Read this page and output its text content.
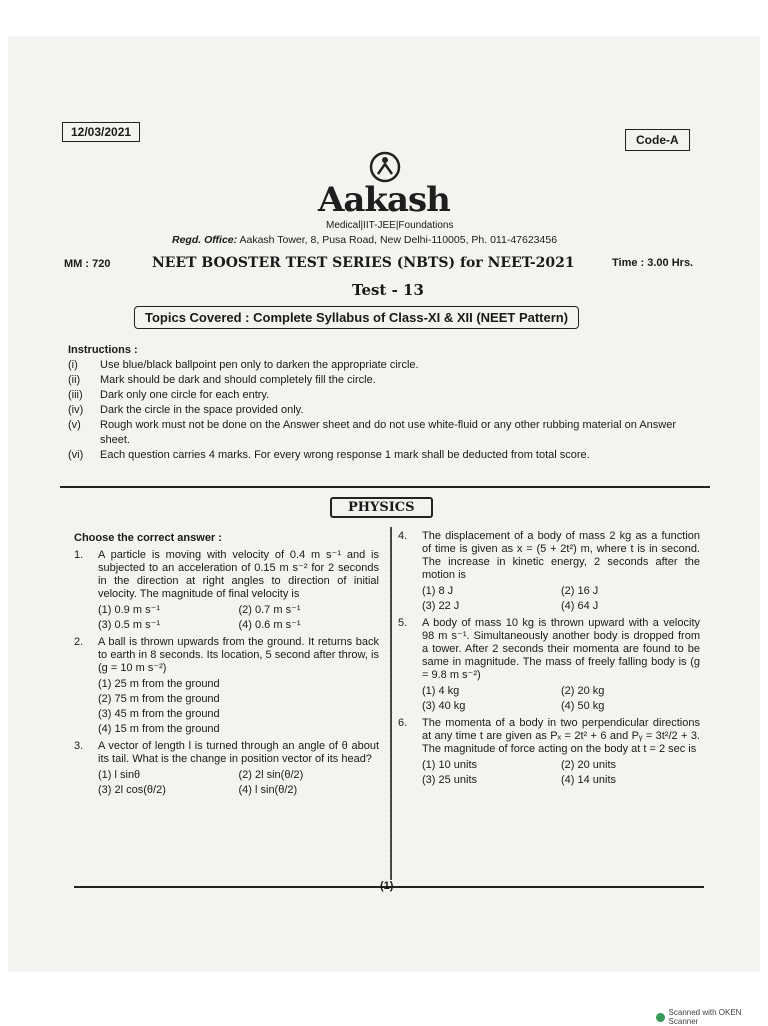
12/03/2021
Code-A
Aakash
Medical|IIT-JEE|Foundations
Regd. Office: Aakash Tower, 8, Pusa Road, New Delhi-110005, Ph. 011-47623456
MM : 720	NEET BOOSTER TEST SERIES (NBTS) for NEET-2021	Time : 3.00 Hrs.
Test - 13
Topics Covered : Complete Syllabus of Class-XI & XII (NEET Pattern)
Instructions :
(i)	Use blue/black ballpoint pen only to darken the appropriate circle.
(ii)	Mark should be dark and should completely fill the circle.
(iii)	Dark only one circle for each entry.
(iv)	Dark the circle in the space provided only.
(v)	Rough work must not be done on the Answer sheet and do not use white-fluid or any other rubbing material on Answer sheet.
(vi)	Each question carries 4 marks. For every wrong response 1 mark shall be deducted from total score.
PHYSICS
Choose the correct answer :
1.	A particle is moving with velocity of 0.4 m s⁻¹ and is subjected to an acceleration of 0.15 m s⁻² for 2 seconds in the direction at right angles to direction of initial velocity. The magnitude of final velocity is
(1) 0.9 m s⁻¹	(2) 0.7 m s⁻¹
(3) 0.5 m s⁻¹	(4) 0.6 m s⁻¹
2.	A ball is thrown upwards from the ground. It returns back to earth in 8 seconds. Its location, 5 second after throw, is (g = 10 m s⁻²)
(1) 25 m from the ground
(2) 75 m from the ground
(3) 45 m from the ground
(4) 15 m from the ground
3.	A vector of length l is turned through an angle of θ about its tail. What is the change in position vector of its head?
(1) l sinθ	(2) 2l sin(θ/2)
(3) 2l cos(θ/2)	(4) l sin(θ/2)
4.	The displacement of a body of mass 2 kg as a function of time is given as x = (5 + 2t²) m, where t is in second. The increase in kinetic energy, 2 seconds after the motion is
(1) 8 J	(2) 16 J
(3) 22 J	(4) 64 J
5.	A body of mass 10 kg is thrown upward with a velocity 98 m s⁻¹. Simultaneously another body is dropped from a tower. After 2 seconds their momenta are found to be same in magnitude. The mass of freely falling body is (g = 9.8 m s⁻²)
(1) 4 kg	(2) 20 kg
(3) 40 kg	(4) 50 kg
6.	The momenta of a body in two perpendicular directions at any time t are given as Pₓ = 2t² + 6 and Pᵧ = 3t²/2 + 3. The magnitude of force acting on the body at t = 2 sec is
(1) 10 units	(2) 20 units
(3) 25 units	(4) 14 units
(1)
Scanned with OKEN Scanner
